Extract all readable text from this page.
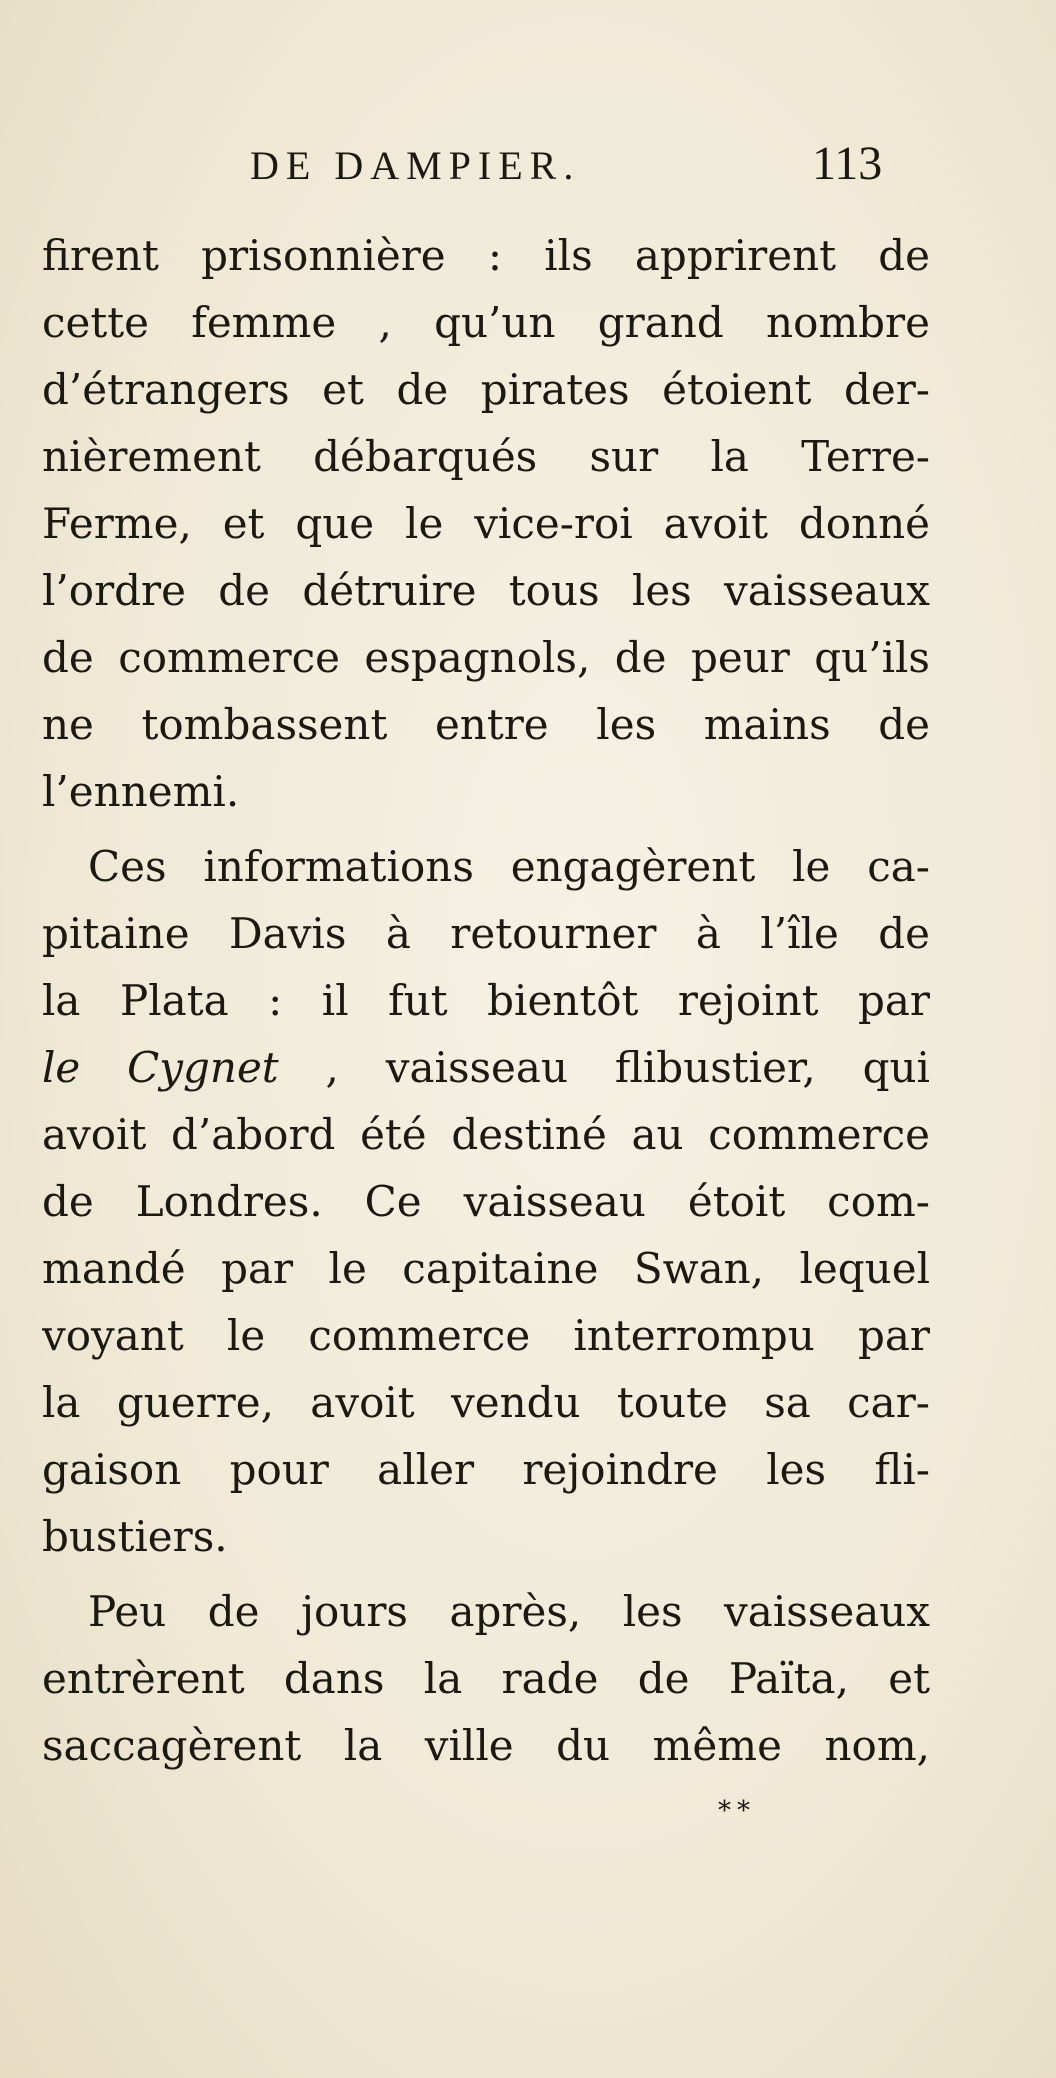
DE DAMPIER.	113
firent prisonnière : ils apprirent de
cette femme , qu’un grand nombre
d’étrangers et de pirates étoient der-
nièrement débarqués sur la Terre-
Ferme, et que le vice-roi avoit donné
l’ordre de détruire tous les vaisseaux
de commerce espagnols, de peur qu’ils
ne tombassent entre les mains de
l’ennemi.
Ces informations engagèrent le ca-
pitaine Davis à retourner à l’île de
la Plata : il fut bientôt rejoint par
le Cygnet , vaisseau flibustier, qui
avoit d’abord été destiné au commerce
de Londres. Ce vaisseau étoit com-
mandé par le capitaine Swan, lequel
voyant le commerce interrompu par
la guerre, avoit vendu toute sa car-
gaison pour aller rejoindre les fli-
bustiers.
Peu de jours après, les vaisseaux
entrèrent dans la rade de Païta, et
saccagèrent la ville du même nom,
**
